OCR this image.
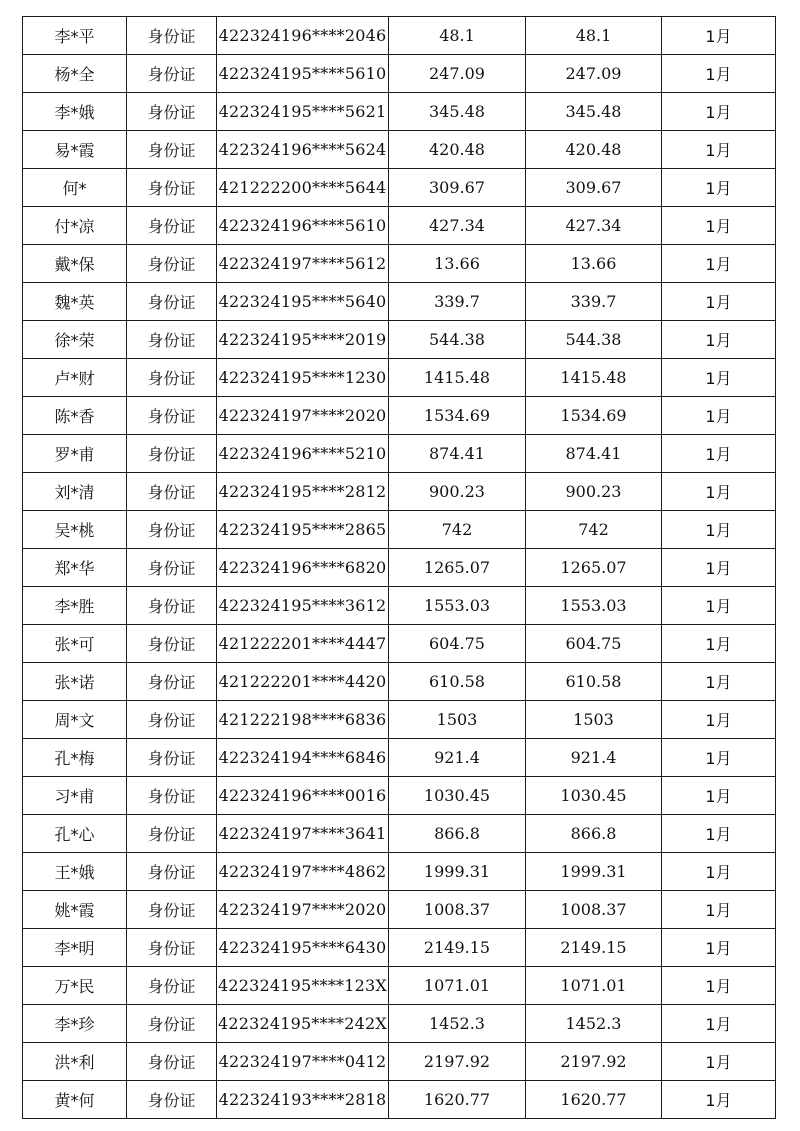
李*平	身份证	422324196****2046	48.1	48.1	1月
杨*全	身份证	422324195****5610	247.09	247.09	1月
李*娥	身份证	422324195****5621	345.48	345.48	1月
易*霞	身份证	422324196****5624	420.48	420.48	1月
何*	身份证	421222200****5644	309.67	309.67	1月
付*凉	身份证	422324196****5610	427.34	427.34	1月
戴*保	身份证	422324197****5612	13.66	13.66	1月
魏*英	身份证	422324195****5640	339.7	339.7	1月
徐*荣	身份证	422324195****2019	544.38	544.38	1月
卢*财	身份证	422324195****1230	1415.48	1415.48	1月
陈*香	身份证	422324197****2020	1534.69	1534.69	1月
罗*甫	身份证	422324196****5210	874.41	874.41	1月
刘*清	身份证	422324195****2812	900.23	900.23	1月
吴*桃	身份证	422324195****2865	742	742	1月
郑*华	身份证	422324196****6820	1265.07	1265.07	1月
李*胜	身份证	422324195****3612	1553.03	1553.03	1月
张*可	身份证	421222201****4447	604.75	604.75	1月
张*诺	身份证	421222201****4420	610.58	610.58	1月
周*文	身份证	421222198****6836	1503	1503	1月
孔*梅	身份证	422324194****6846	921.4	921.4	1月
习*甫	身份证	422324196****0016	1030.45	1030.45	1月
孔*心	身份证	422324197****3641	866.8	866.8	1月
王*娥	身份证	422324197****4862	1999.31	1999.31	1月
姚*霞	身份证	422324197****2020	1008.37	1008.37	1月
李*明	身份证	422324195****6430	2149.15	2149.15	1月
万*民	身份证	422324195****123X	1071.01	1071.01	1月
李*珍	身份证	422324195****242X	1452.3	1452.3	1月
洪*利	身份证	422324197****0412	2197.92	2197.92	1月
黄*何	身份证	422324193****2818	1620.77	1620.77	1月
